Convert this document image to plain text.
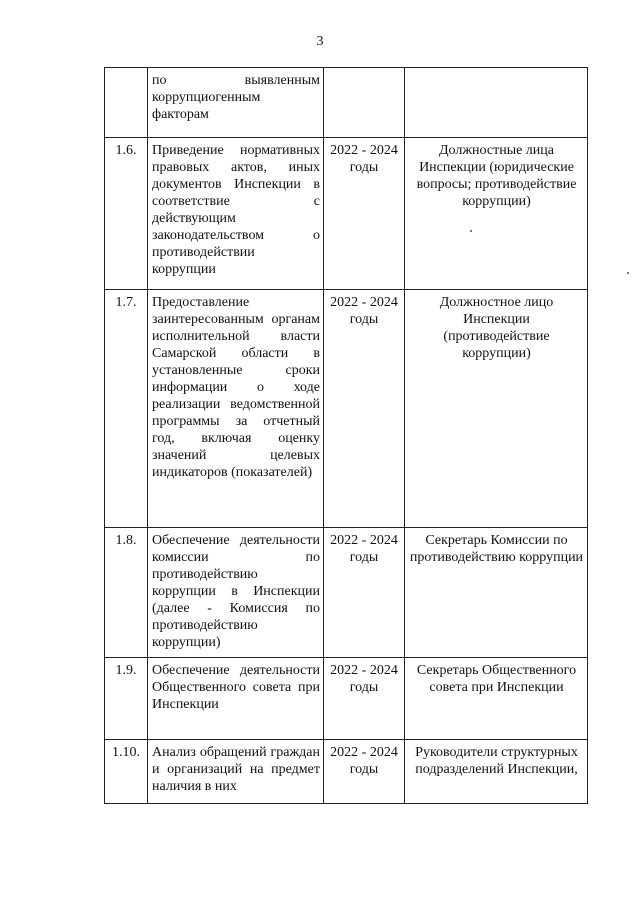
3
	по выявленным коррупциогенным факторам		
1.6.	Приведение нормативных правовых актов, иных документов Инспекции в соответствие с действующим законодательством о противодействии коррупции	2022 - 2024 годы	Должностные лица Инспекции (юридические вопросы; противодействие коррупции)
1.7.	Предоставление заинтересованным органам исполнительной власти Самарской области в установленные сроки информации о ходе реализации ведомственной программы за отчетный год, включая оценку значений целевых индикаторов (показателей)	2022 - 2024 годы	Должностное лицо Инспекции (противодействие коррупции)
1.8.	Обеспечение деятельности комиссии по противодействию коррупции в Инспекции (далее - Комиссия по противодействию коррупции)	2022 - 2024 годы	Секретарь Комиссии по противодействию коррупции
1.9.	Обеспечение деятельности Общественного совета при Инспекции	2022 - 2024 годы	Секретарь Общественного совета при Инспекции
1.10.	Анализ обращений граждан и организаций на предмет наличия в них	2022 - 2024 годы	Руководители структурных подразделений Инспекции,
